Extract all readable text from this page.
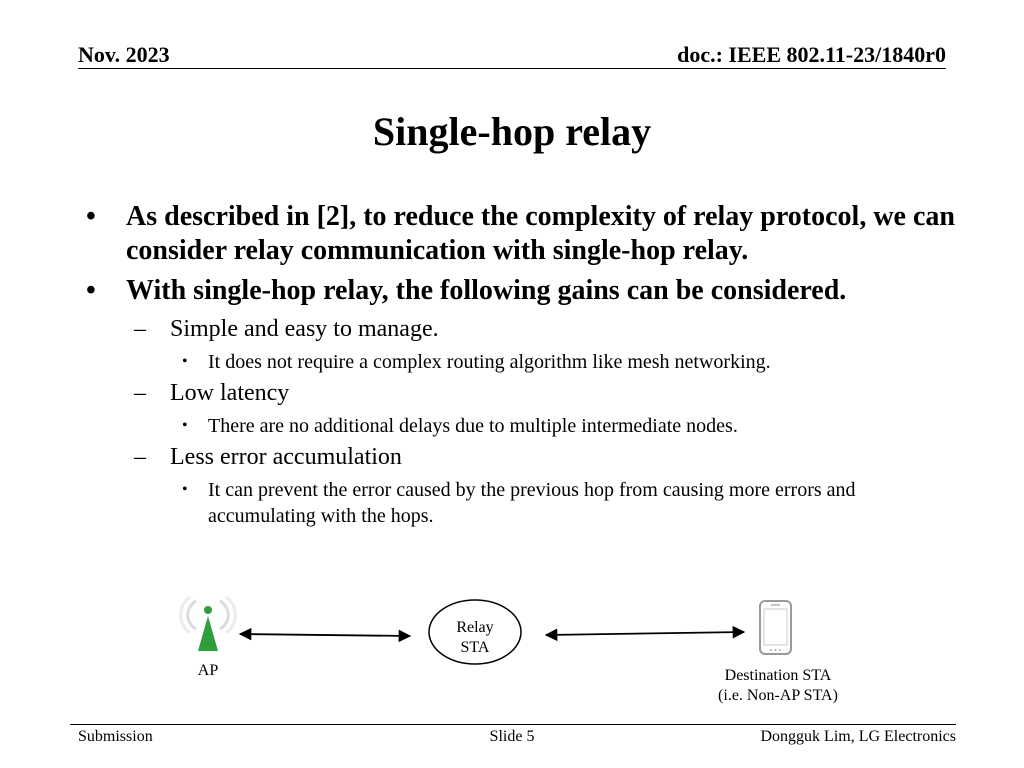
Nov. 2023	doc.: IEEE 802.11-23/1840r0
Single-hop relay
• As described in [2], to reduce the complexity of relay protocol, we can consider relay communication with single-hop relay.
• With single-hop relay, the following gains can be considered.
– Simple and easy to manage.
• It does not require a complex routing algorithm like mesh networking.
– Low latency
• There are no additional delays due to multiple intermediate nodes.
– Less error accumulation
• It can prevent the error caused by the previous hop from causing more errors and accumulating with the hops.
Relay
STA
AP	Destination STA
(i.e. Non-AP STA)
Submission	Slide 5	Dongguk Lim, LG Electronics
